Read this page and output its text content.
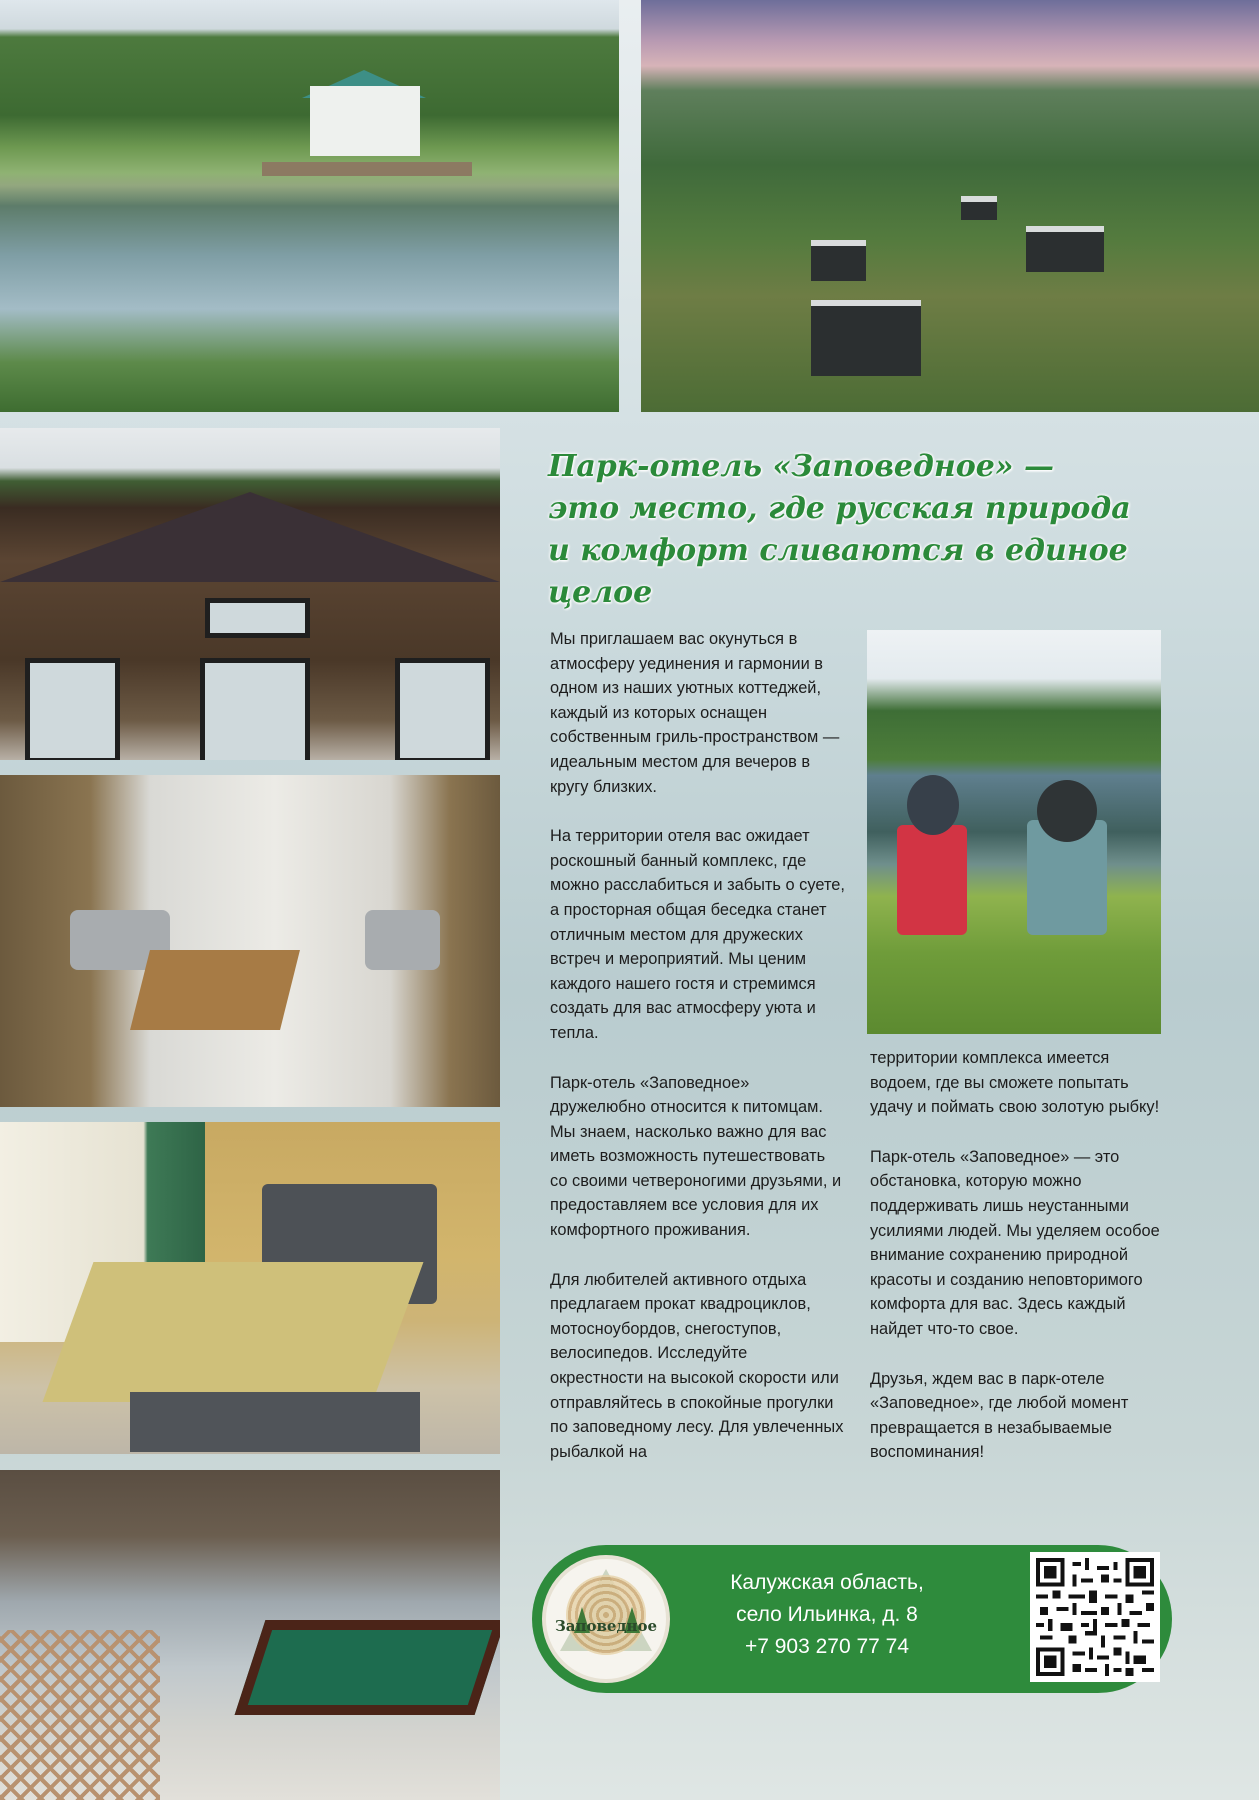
Парк-отель «Заповедное» —
это место, где русская природа
и комфорт сливаются в единое целое

Мы приглашаем вас окунуться в атмосферу уединения и гармонии в одном из наших уютных коттеджей, каждый из которых оснащен собственным гриль-пространством — идеальным местом для вечеров в кругу близких.

На территории отеля вас ожидает роскошный банный комплекс, где можно расслабиться и забыть о суете, а просторная общая беседка станет отличным местом для дружеских встреч и мероприятий. Мы ценим каждого нашего гостя и стремимся создать для вас атмосферу уюта и тепла.

Парк-отель «Заповедное» дружелюбно относится к питомцам. Мы знаем, насколько важно для вас иметь возможность путешествовать со своими четвероногими друзьями, и предоставляем все условия для их комфортного проживания.

Для любителей активного отдыха предлагаем прокат квадроциклов, мотосноубордов, снегоступов, велосипедов. Исследуйте окрестности на высокой скорости или отправляйтесь в спокойные прогулки по заповедному лесу. Для увлеченных рыбалкой на

территории комплекса имеется водоем, где вы сможете попытать удачу и поймать свою золотую рыбку!

Парк-отель «Заповедное» — это обстановка, которую можно поддерживать лишь неустанными усилиями людей. Мы уделяем особое внимание сохранению природной красоты и созданию неповторимого комфорта для вас. Здесь каждый найдет что-то свое.

Друзья, ждем вас в парк-отеле «Заповедное», где любой момент превращается в незабываемые воспоминания!

Заповедное
Калужская область,
село Ильинка, д. 8
+7 903 270 77 74
